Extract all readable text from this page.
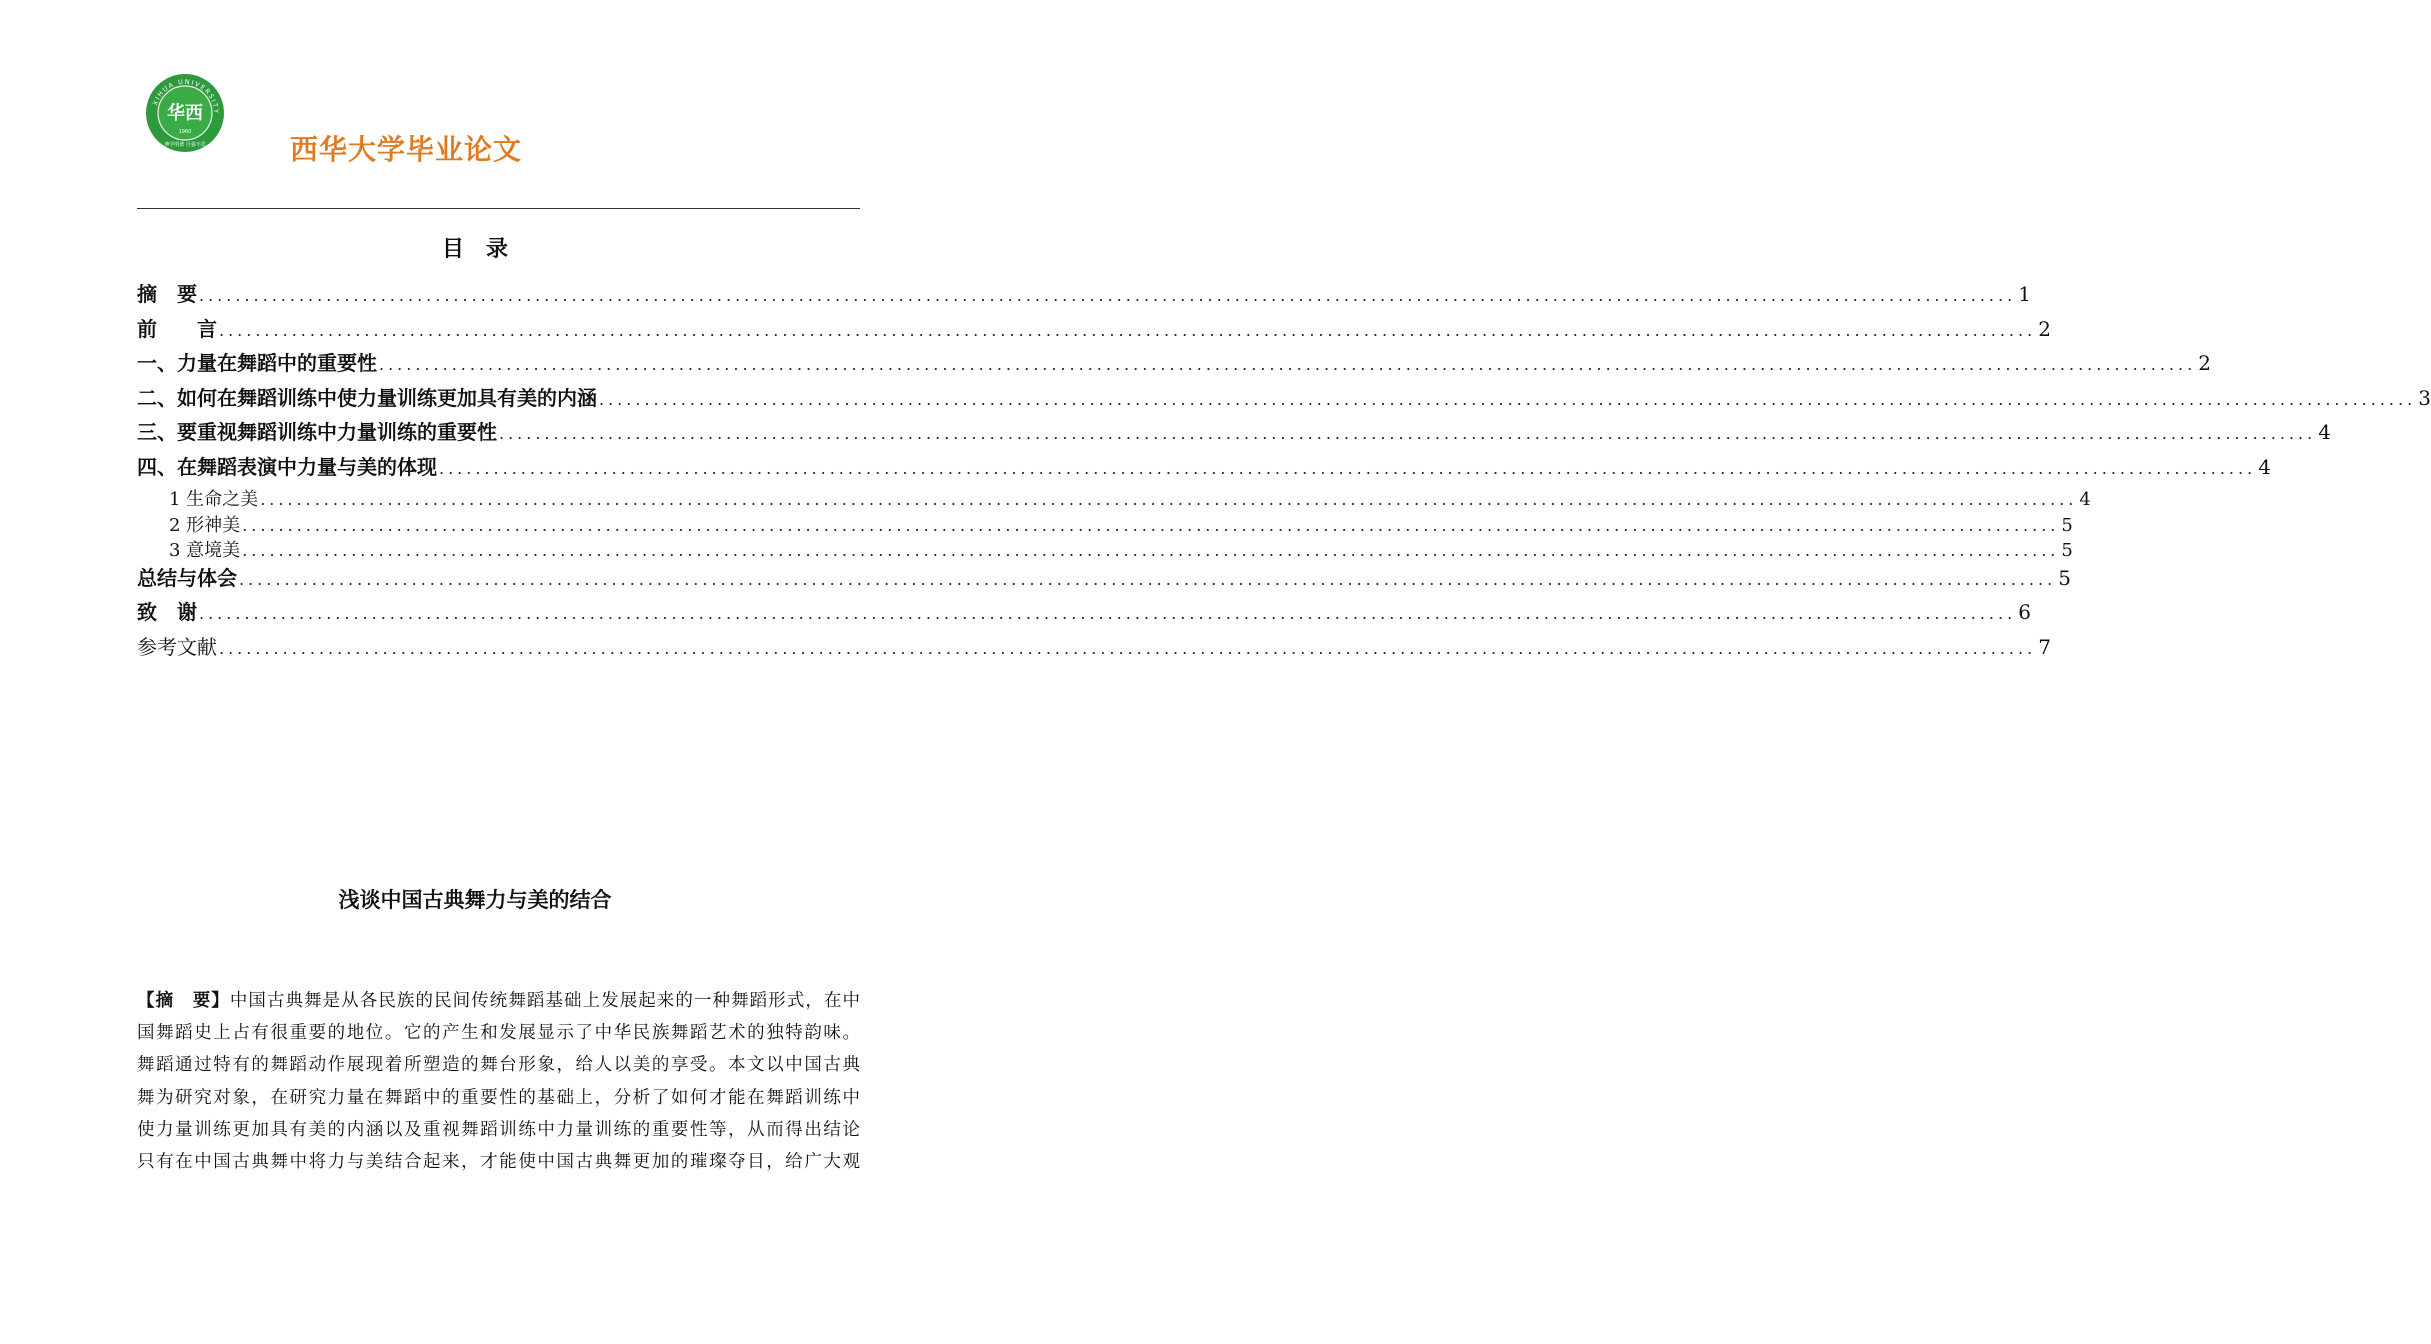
XIHUA UNIVERSITY
华西
1960
博学明德 自强不息	西华大学毕业论文
目　录
摘　要 ........................................................................................................................................................................................................ 1
前　　言 ........................................................................................................................................................................................................ 2
一、力量在舞蹈中的重要性 ........................................................................................................................................................................................................ 2
二、如何在舞蹈训练中使力量训练更加具有美的内涵 ........................................................................................................................................................................................................ 3
三、要重视舞蹈训练中力量训练的重要性 ........................................................................................................................................................................................................ 4
四、在舞蹈表演中力量与美的体现 ........................................................................................................................................................................................................ 4
1 生命之美 ........................................................................................................................................................................................................ 4
2 形神美 ........................................................................................................................................................................................................ 5
3 意境美 ........................................................................................................................................................................................................ 5
总结与体会 ........................................................................................................................................................................................................ 5
致　谢 ........................................................................................................................................................................................................ 6
参考文献 ........................................................................................................................................................................................................ 7
浅谈中国古典舞力与美的结合
【摘　要】中国古典舞是从各民族的民间传统舞蹈基础上发展起来的一种舞蹈形式，在中
国舞蹈史上占有很重要的地位。它的产生和发展显示了中华民族舞蹈艺术的独特韵味。
舞蹈通过特有的舞蹈动作展现着所塑造的舞台形象，给人以美的享受。本文以中国古典
舞为研究对象，在研究力量在舞蹈中的重要性的基础上，分析了如何才能在舞蹈训练中
使力量训练更加具有美的内涵以及重视舞蹈训练中力量训练的重要性等，从而得出结论
只有在中国古典舞中将力与美结合起来，才能使中国古典舞更加的璀璨夺目，给广大观
